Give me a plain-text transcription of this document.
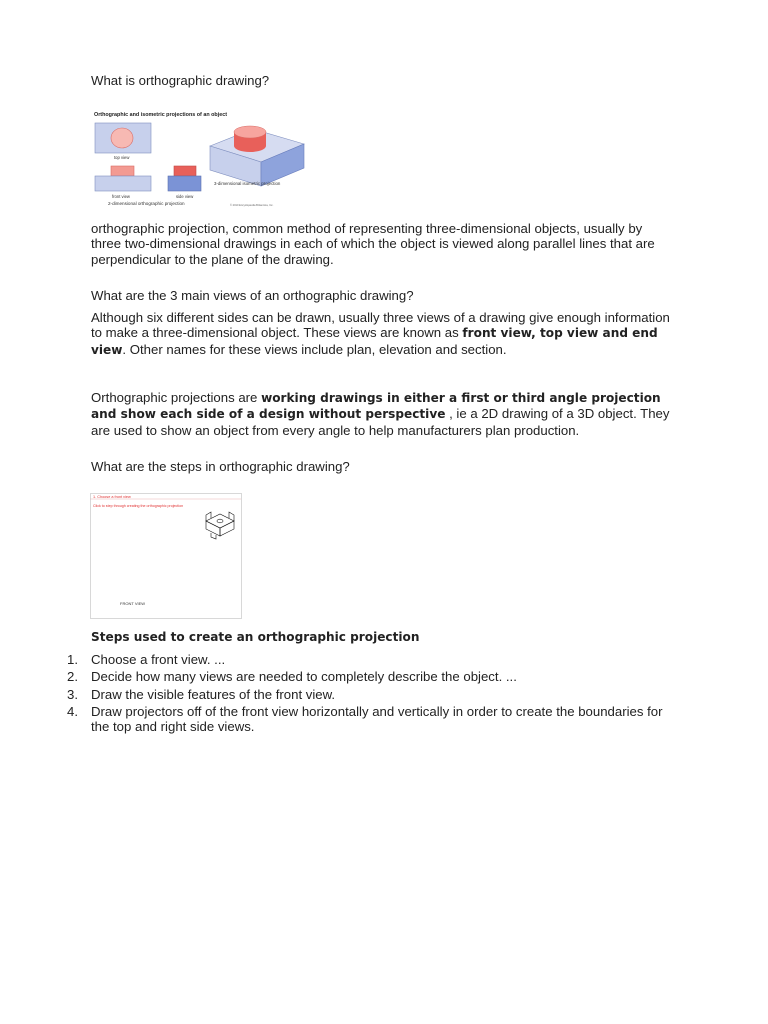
What is orthographic drawing?

Orthographic and isometric projections of an object
top view
front view	side view
2-dimensional orthographic projection
3-dimensional isometric projection
© 2010 Encyclopædia Britannica, Inc.

orthographic projection, common method of representing three-dimensional objects, usually by three two-dimensional drawings in each of which the object is viewed along parallel lines that are perpendicular to the plane of the drawing.

What are the 3 main views of an orthographic drawing?

Although six different sides can be drawn, usually three views of a drawing give enough information to make a three-dimensional object. These views are known as front view, top view and end view. Other names for these views include plan, elevation and section.

Orthographic projections are working drawings in either a first or third angle projection and show each side of a design without perspective , ie a 2D drawing of a 3D object. They are used to show an object from every angle to help manufacturers plan production.

What are the steps in orthographic drawing?

1. Choose a front view
Click to step through creating the orthographic projection
FRONT VIEW

Steps used to create an orthographic projection

1. Choose a front view. ...
2. Decide how many views are needed to completely describe the object. ...
3. Draw the visible features of the front view.
4. Draw projectors off of the front view horizontally and vertically in order to create the boundaries for the top and right side views.
